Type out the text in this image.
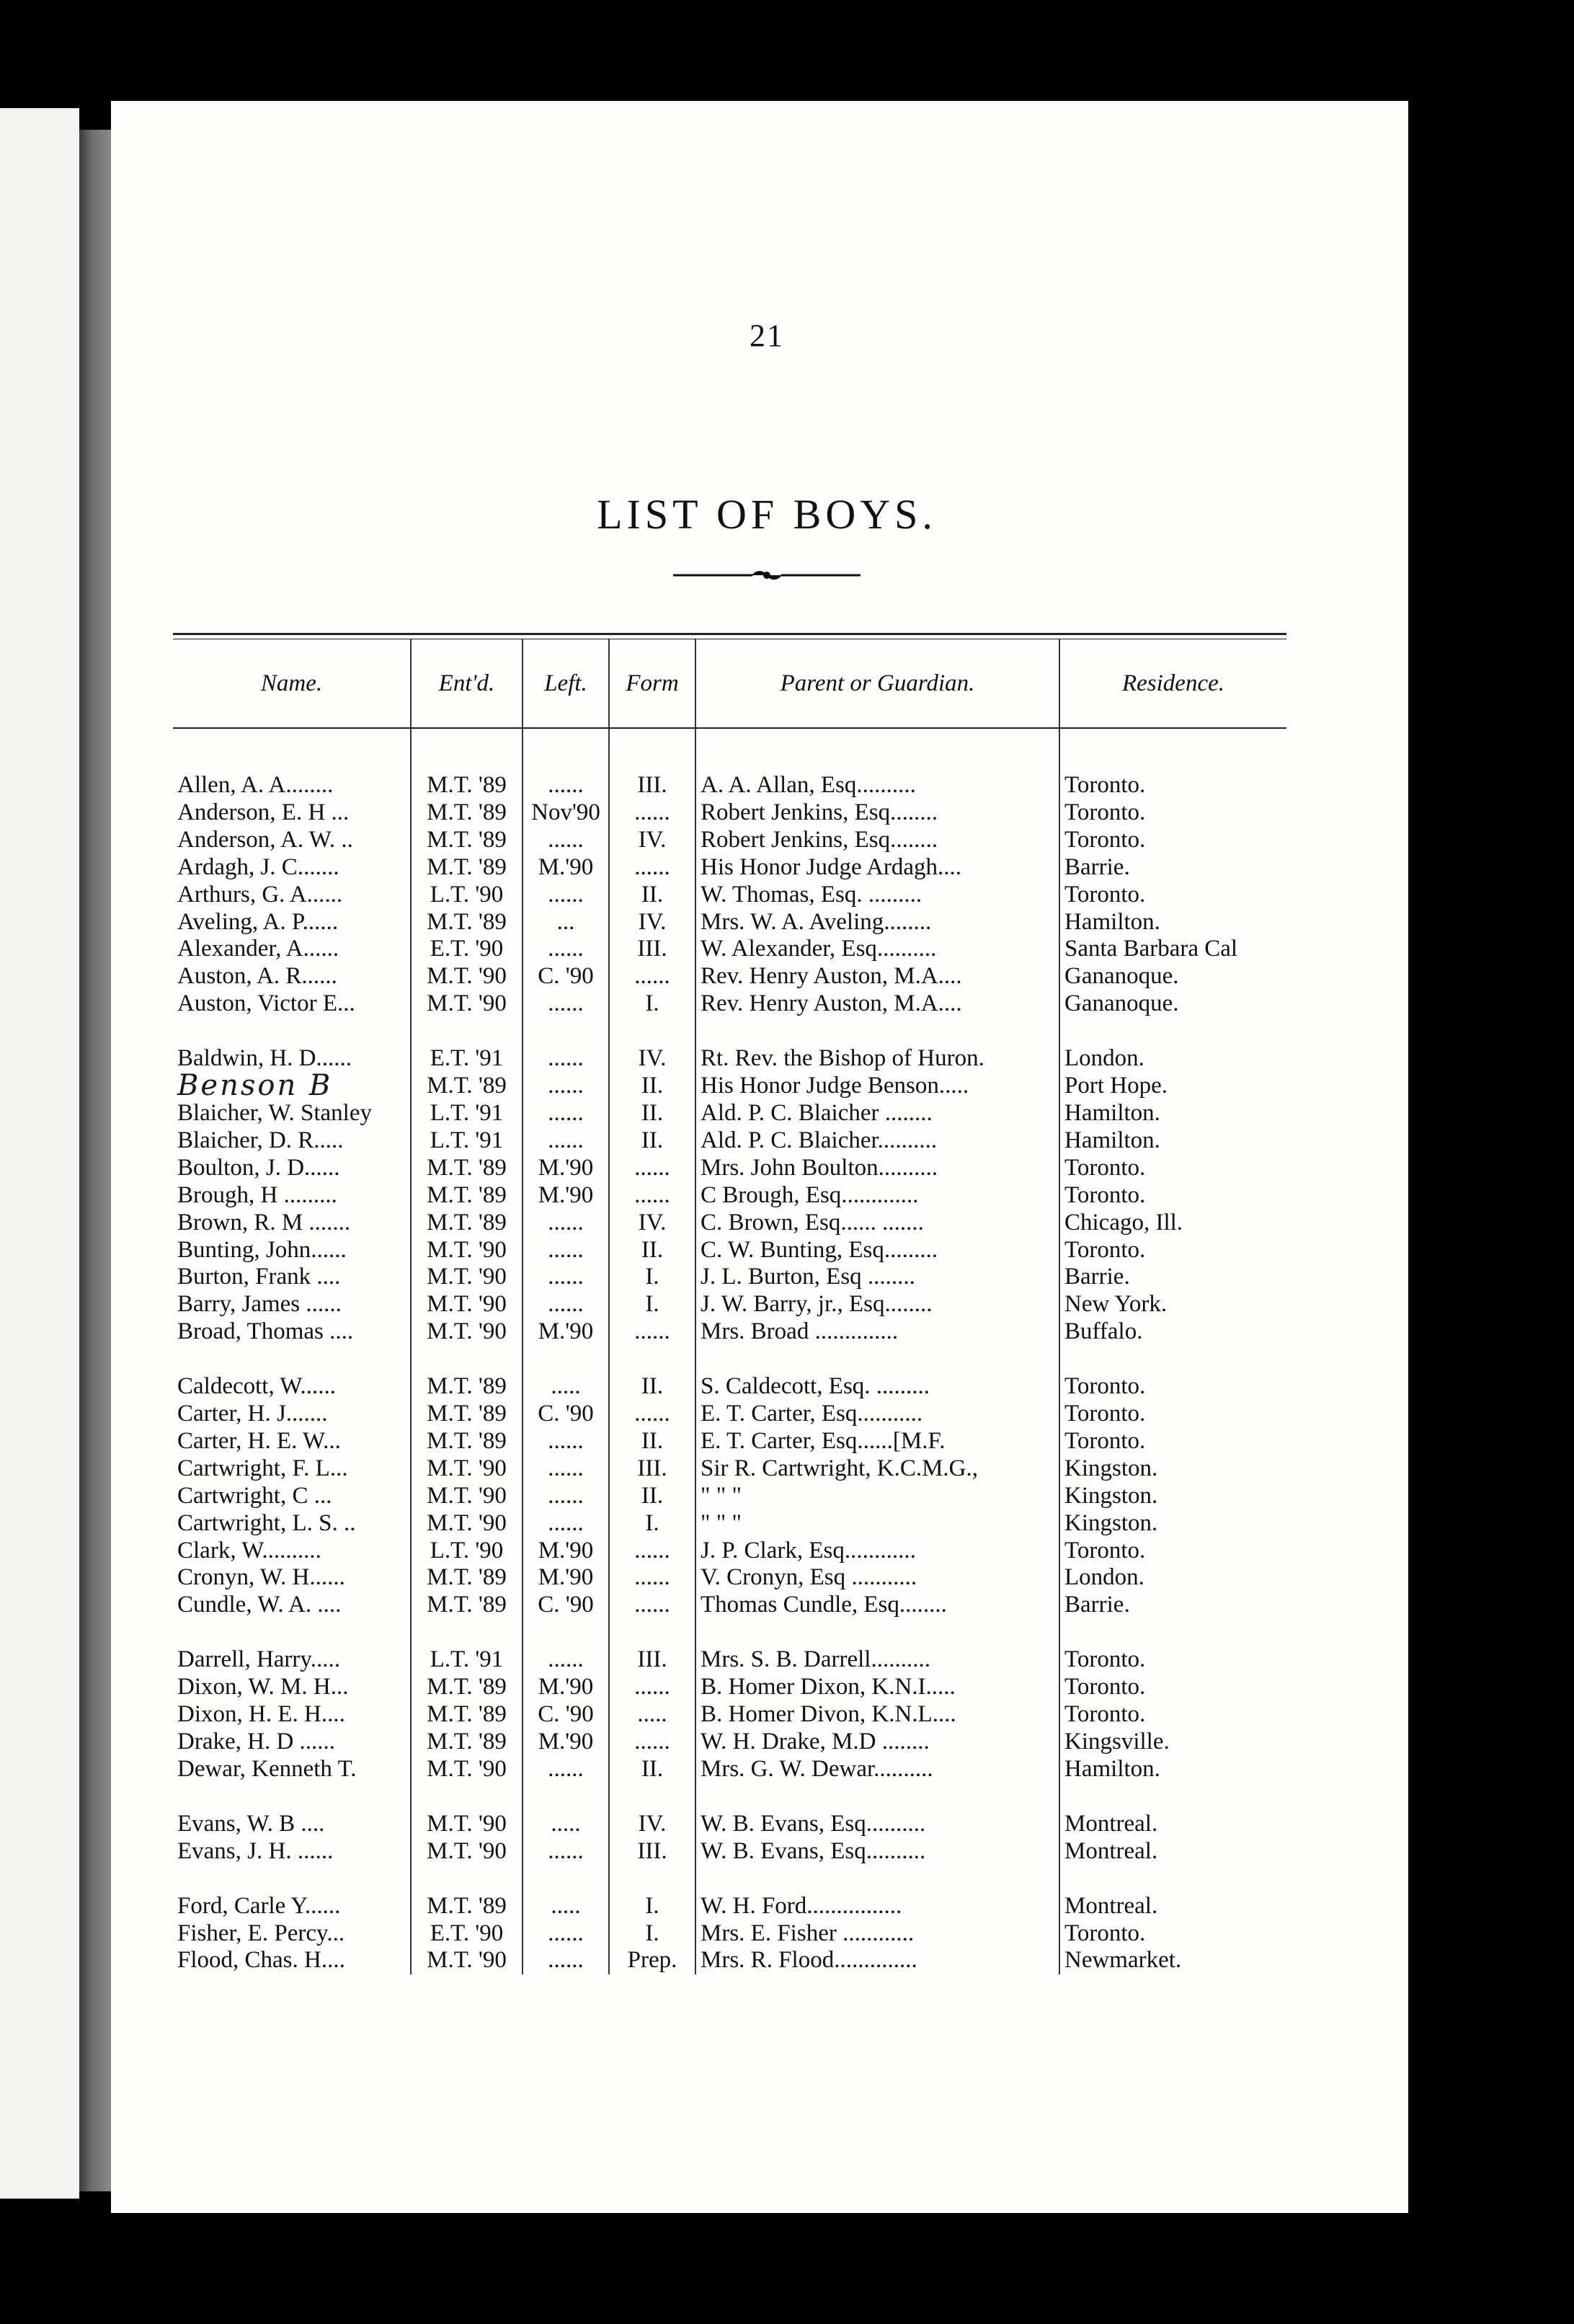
21
LIST OF BOYS.
Name.	Ent'd.	Left.	Form	Parent or Guardian.	Residence.

Allen, A. A........	M.T. '89	......	III.	A. A. Allan, Esq..........	Toronto.
Anderson, E. H ...	M.T. '89	Nov'90	......	Robert Jenkins, Esq........	Toronto.
Anderson, A. W. ..	M.T. '89	......	IV.	Robert Jenkins, Esq........	Toronto.
Ardagh, J. C.......	M.T. '89	M.'90	......	His Honor Judge Ardagh....	Barrie.
Arthurs, G. A......	L.T. '90	......	II.	W. Thomas, Esq. .........	Toronto.
Aveling, A. P......	M.T. '89	...	IV.	Mrs. W. A. Aveling........	Hamilton.
Alexander, A......	E.T. '90	......	III.	W. Alexander, Esq..........	Santa Barbara Cal
Auston, A. R......	M.T. '90	C. '90	......	Rev. Henry Auston, M.A....	Gananoque.
Auston, Victor E...	M.T. '90	......	I.	Rev. Henry Auston, M.A....	Gananoque.

Baldwin, H. D......	E.T. '91	......	IV.	Rt. Rev. the Bishop of Huron.	London.
Benson B	M.T. '89	......	II.	His Honor Judge Benson.....	Port Hope.
Blaicher, W. Stanley	L.T. '91	......	II.	Ald. P. C. Blaicher ........	Hamilton.
Blaicher, D. R.....	L.T. '91	......	II.	Ald. P. C. Blaicher..........	Hamilton.
Boulton, J. D......	M.T. '89	M.'90	......	Mrs. John Boulton..........	Toronto.
Brough, H .........	M.T. '89	M.'90	......	C Brough, Esq.............	Toronto.
Brown, R. M .......	M.T. '89	......	IV.	C. Brown, Esq...... .......	Chicago, Ill.
Bunting, John......	M.T. '90	......	II.	C. W. Bunting, Esq.........	Toronto.
Burton, Frank ....	M.T. '90	......	I.	J. L. Burton, Esq ........	Barrie.
Barry, James ......	M.T. '90	......	I.	J. W. Barry, jr., Esq........	New York.
Broad, Thomas ....	M.T. '90	M.'90	......	Mrs. Broad ..............	Buffalo.

Caldecott, W......	M.T. '89	.....	II.	S. Caldecott, Esq. .........	Toronto.
Carter, H. J.......	M.T. '89	C. '90	......	E. T. Carter, Esq...........	Toronto.
Carter, H. E. W...	M.T. '89	......	II.	E. T. Carter, Esq......[M.F.	Toronto.
Cartwright, F. L...	M.T. '90	......	III.	Sir R. Cartwright, K.C.M.G.,	Kingston.
Cartwright, C ...	M.T. '90	......	II.	" " "	Kingston.
Cartwright, L. S. ..	M.T. '90	......	I.	" " "	Kingston.
Clark, W..........	L.T. '90	M.'90	......	J. P. Clark, Esq............	Toronto.
Cronyn, W. H......	M.T. '89	M.'90	......	V. Cronyn, Esq ...........	London.
Cundle, W. A. ....	M.T. '89	C. '90	......	Thomas Cundle, Esq........	Barrie.

Darrell, Harry.....	L.T. '91	......	III.	Mrs. S. B. Darrell..........	Toronto.
Dixon, W. M. H...	M.T. '89	M.'90	......	B. Homer Dixon, K.N.I.....	Toronto.
Dixon, H. E. H....	M.T. '89	C. '90	.....	B. Homer Divon, K.N.L....	Toronto.
Drake, H. D ......	M.T. '89	M.'90	......	W. H. Drake, M.D ........	Kingsville.
Dewar, Kenneth T.	M.T. '90	......	II.	Mrs. G. W. Dewar..........	Hamilton.

Evans, W. B ....	M.T. '90	.....	IV.	W. B. Evans, Esq..........	Montreal.
Evans, J. H. ......	M.T. '90	......	III.	W. B. Evans, Esq..........	Montreal.

Ford, Carle Y......	M.T. '89	.....	I.	W. H. Ford................	Montreal.
Fisher, E. Percy...	E.T. '90	......	I.	Mrs. E. Fisher ............	Toronto.
Flood, Chas. H....	M.T. '90	......	Prep.	Mrs. R. Flood..............	Newmarket.
